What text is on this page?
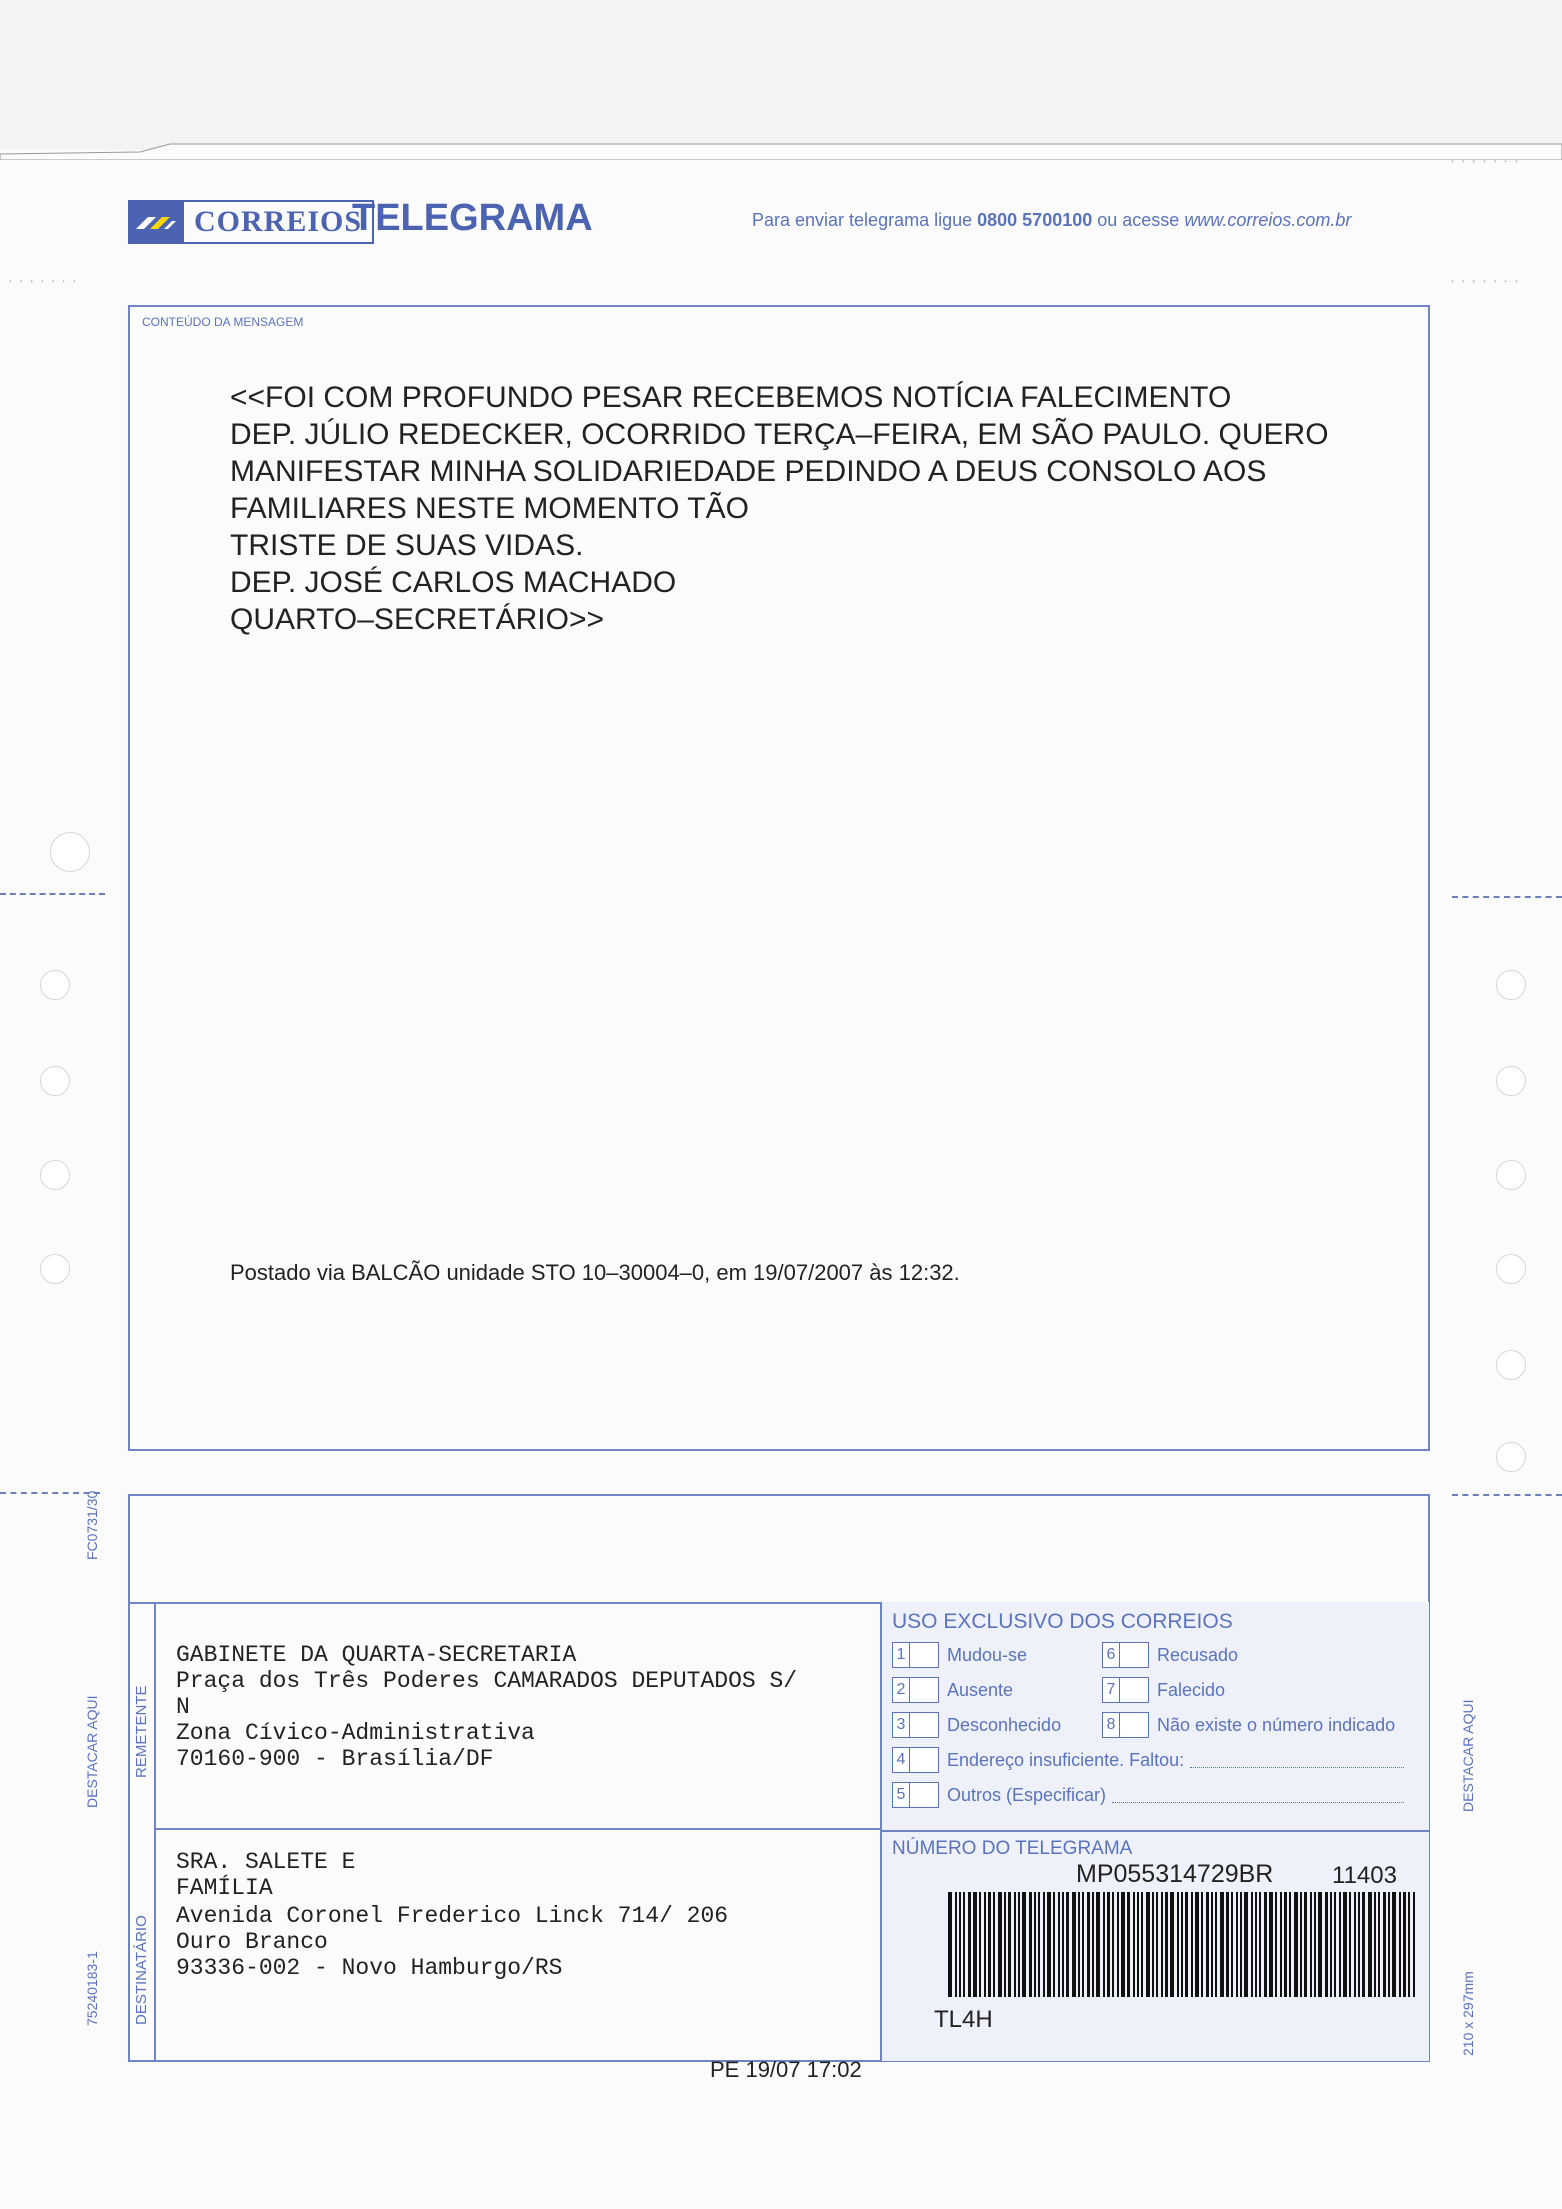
·······
·······	·······
CORREIOS
TELEGRAMA	Para enviar telegrama ligue 0800 5700100 ou acesse www.correios.com.br
CONTEÚDO DA MENSAGEM
<<FOI COM PROFUNDO PESAR RECEBEMOS NOTÍCIA FALECIMENTO
DEP. JÚLIO REDECKER, OCORRIDO TERÇA–FEIRA, EM SÃO PAULO. QUERO
MANIFESTAR MINHA SOLIDARIEDADE PEDINDO A DEUS CONSOLO AOS
FAMILIARES NESTE MOMENTO TÃO
TRISTE DE SUAS VIDAS.
DEP. JOSÉ CARLOS MACHADO
QUARTO–SECRETÁRIO>>
Postado via BALCÃO unidade STO 10–30004–0, em 19/07/2007 às 12:32.
REMETENTE
DESTINATÁRIO
GABINETE DA QUARTA-SECRETARIA
Praça dos Três Poderes CAMARADOS DEPUTADOS S/
N
Zona Cívico-Administrativa
70160-900 - Brasília/DF
SRA. SALETE E
FAMÍLIA
Avenida Coronel Frederico Linck 714/ 206
Ouro Branco
93336-002 - Novo Hamburgo/RS
USO EXCLUSIVO DOS CORREIOS
1 Mudou-se	6 Recusado
2 Ausente	7 Falecido
3 Desconhecido	8 Não existe o número indicado
4 Endereço insuficiente. Faltou:
5 Outros (Especificar)
NÚMERO DO TELEGRAMA
MP055314729BR 11403
TL4H
PE 19/07 17:02
FC0731/30
DESTACAR AQUI
75240183-1
DESTACAR AQUI
210 x 297mm
